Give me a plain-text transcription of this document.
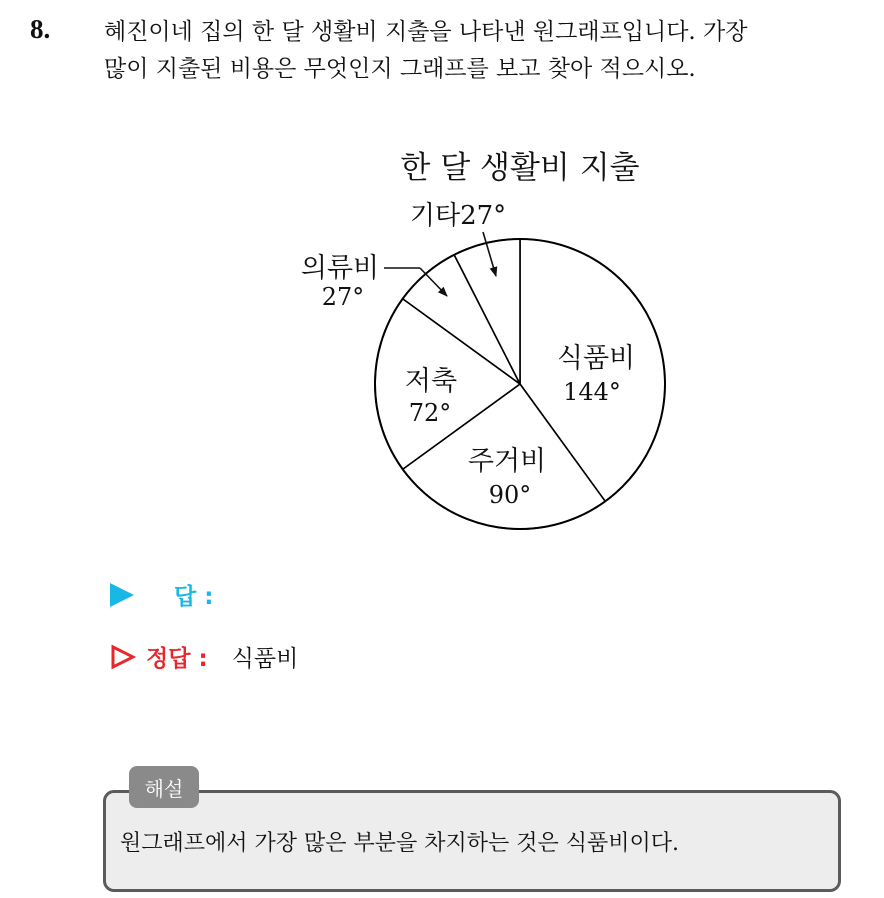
8. 혜진이네 집의 한 달 생활비 지출을 나타낸 원그래프입니다. 가장
많이 지출된 비용은 무엇인지 그래프를 보고 찾아 적으시오.
한 달 생활비 지출
식품비
144°
주거비
90°
저축
72°
의류비
27°
기타27°
답 :
정답 : 식품비
해설
원그래프에서 가장 많은 부분을 차지하는 것은 식품비이다.
